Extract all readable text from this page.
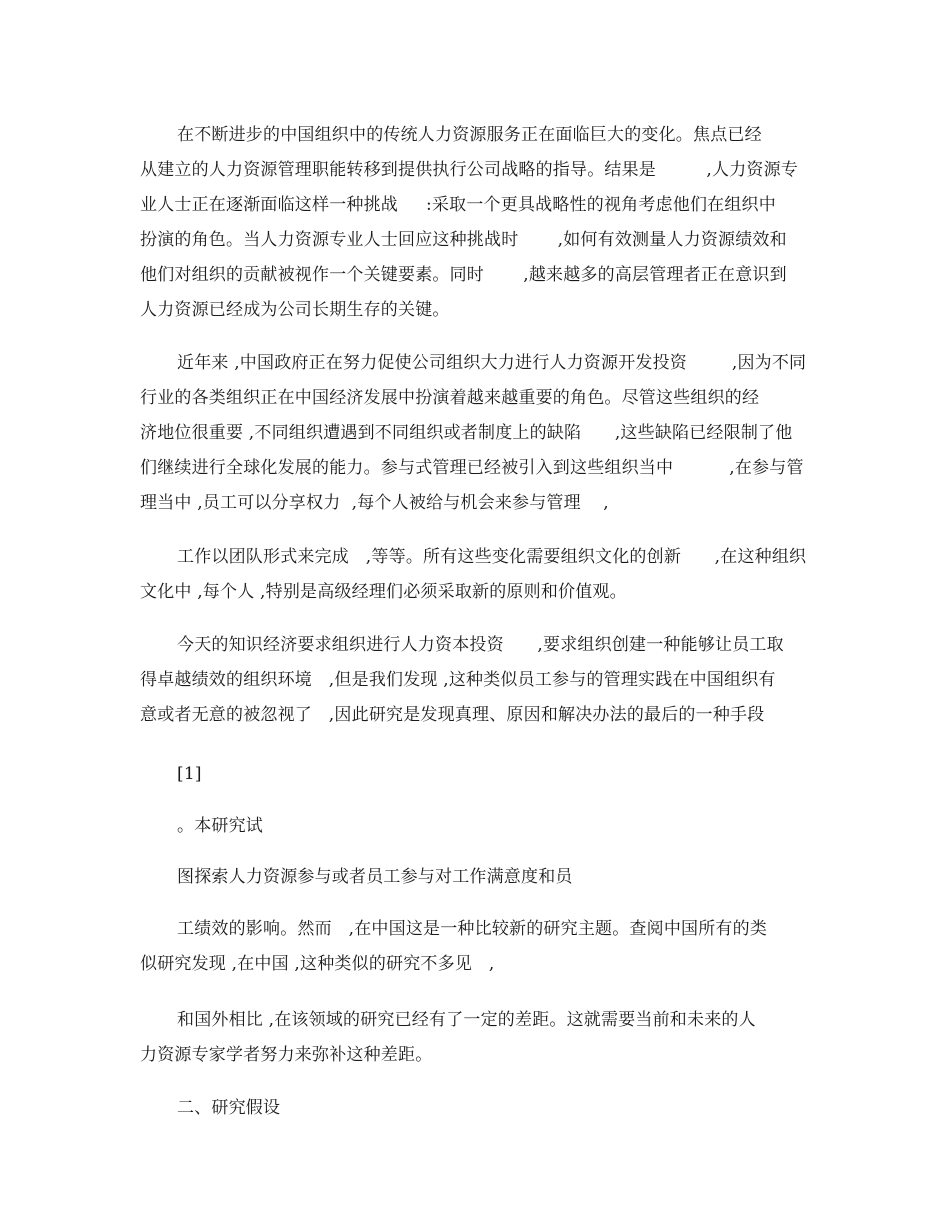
在不断进步的中国组织中的传统人力资源服务正在面临巨大的变化。焦点已经

从建立的人力资源管理职能转移到提供执行公司战略的指导。结果是         ,人力资源专

业人士正在逐渐面临这样一种挑战     :采取一个更具战略性的视角考虑他们在组织中

扮演的角色。当人力资源专业人士回应这种挑战时       ,如何有效测量人力资源绩效和

他们对组织的贡献被视作一个关键要素。同时       ,越来越多的高层管理者正在意识到

人力资源已经成为公司长期生存的关键。

近年来 ,中国政府正在努力促使公司组织大力进行人力资源开发投资        ,因为不同

行业的各类组织正在中国经济发展中扮演着越来越重要的角色。尽管这些组织的经

济地位很重要 ,不同组织遭遇到不同组织或者制度上的缺陷      ,这些缺陷已经限制了他

们继续进行全球化发展的能力。参与式管理已经被引入到这些组织当中          ,在参与管

理当中 ,员工可以分享权力  ,每个人被给与机会来参与管理    ,

工作以团队形式来完成   ,等等。所有这些变化需要组织文化的创新      ,在这种组织

文化中 ,每个人 ,特别是高级经理们必须采取新的原则和价值观。

今天的知识经济要求组织进行人力资本投资      ,要求组织创建一种能够让员工取

得卓越绩效的组织环境   ,但是我们发现 ,这种类似员工参与的管理实践在中国组织有

意或者无意的被忽视了   ,因此研究是发现真理、原因和解决办法的最后的一种手段

[1]

。本研究试

图探索人力资源参与或者员工参与对工作满意度和员

工绩效的影响。然而   ,在中国这是一种比较新的研究主题。查阅中国所有的类

似研究发现 ,在中国 ,这种类似的研究不多见   ,

和国外相比 ,在该领域的研究已经有了一定的差距。这就需要当前和未来的人

力资源专家学者努力来弥补这种差距。

二、研究假设
